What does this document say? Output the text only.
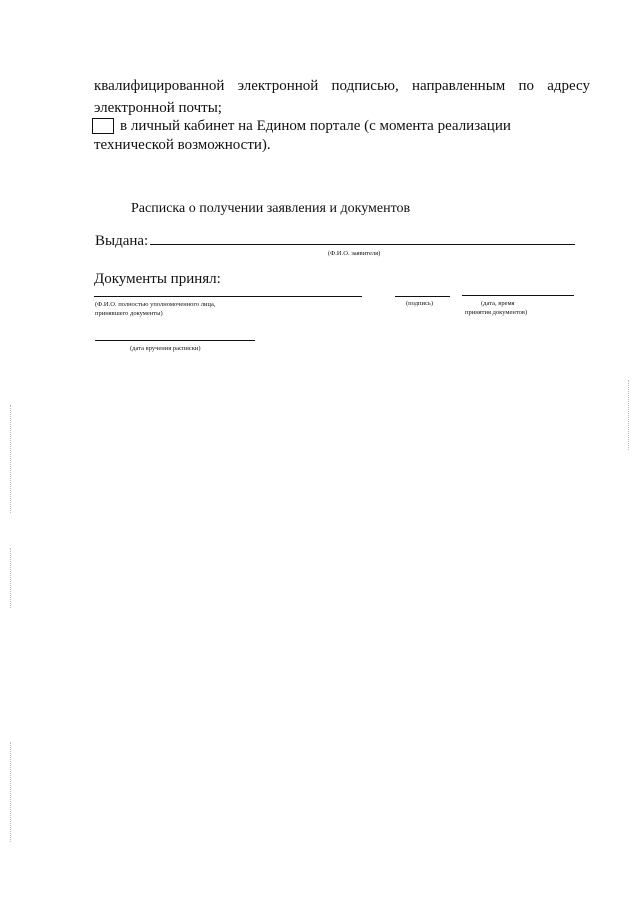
квалифицированной электронной подписью, направленным по адресу
электронной почты;
в личный кабинет на Едином портале (с момента реализации
технической возможности).
Расписка о получении заявления и документов
Выдана:
(Ф.И.О. заявителя)
Документы принял:
(Ф.И.О. полностью уполномоченного лица,
принявшего документы)
(подпись)	(дата, время
принятия документов)
(дата вручения расписки)
